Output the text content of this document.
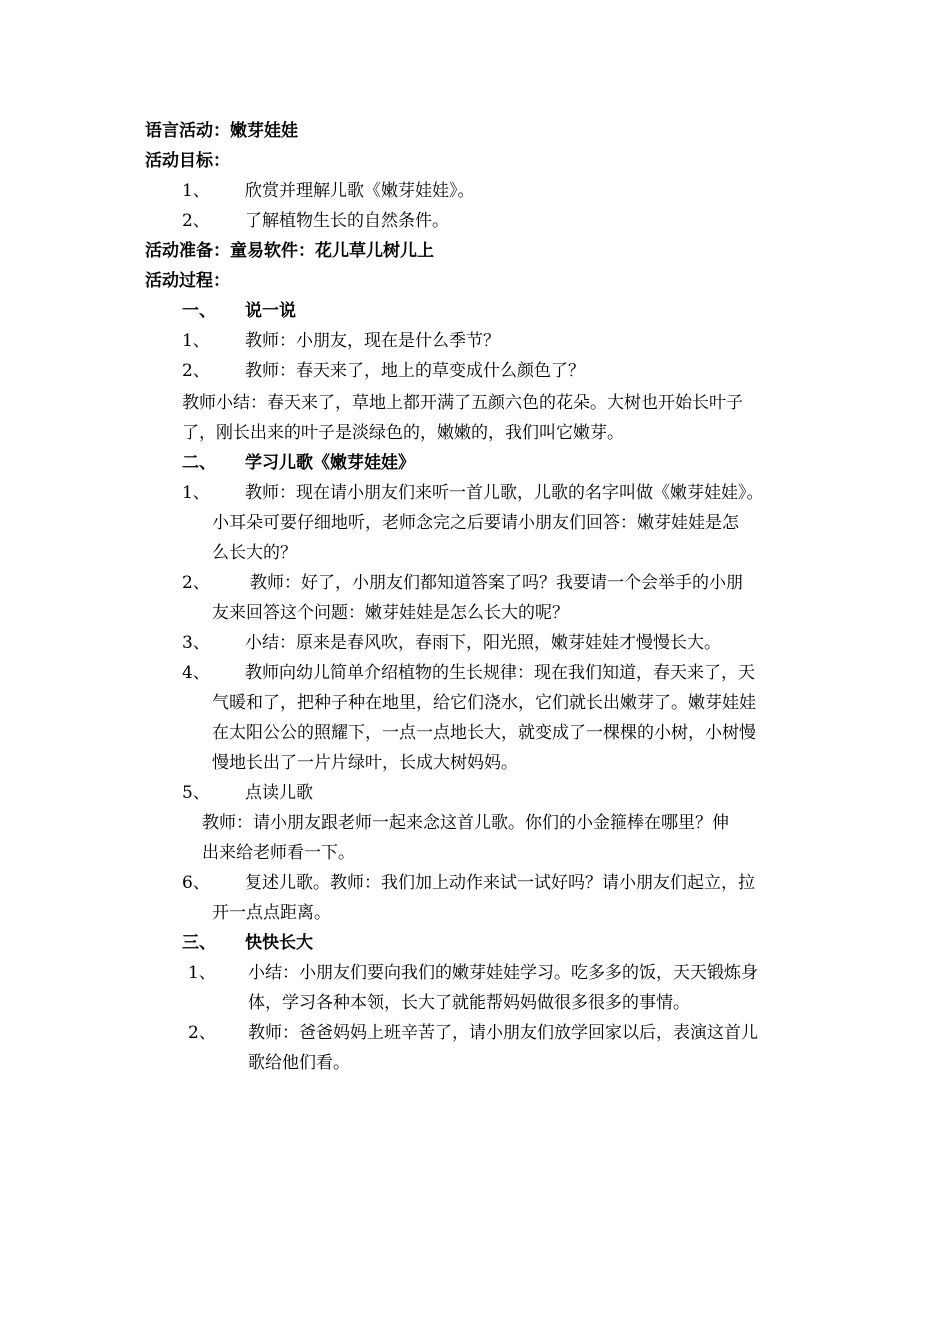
语言活动：嫩芽娃娃
活动目标：
1、 欣赏并理解儿歌《嫩芽娃娃》。
2、 了解植物生长的自然条件。
活动准备：童易软件：花儿草儿树儿上
活动过程：
一、 说一说
1、 教师：小朋友，现在是什么季节？
2、 教师：春天来了，地上的草变成什么颜色了？
教师小结：春天来了，草地上都开满了五颜六色的花朵。大树也开始长叶子
了，刚长出来的叶子是淡绿色的，嫩嫩的，我们叫它嫩芽。
二、 学习儿歌《嫩芽娃娃》
1、 教师：现在请小朋友们来听一首儿歌，儿歌的名字叫做《嫩芽娃娃》。
小耳朵可要仔细地听，老师念完之后要请小朋友们回答：嫩芽娃娃是怎
么长大的？
2、 教师：好了，小朋友们都知道答案了吗？我要请一个会举手的小朋
友来回答这个问题：嫩芽娃娃是怎么长大的呢？
3、 小结：原来是春风吹，春雨下，阳光照，嫩芽娃娃才慢慢长大。
4、 教师向幼儿简单介绍植物的生长规律：现在我们知道，春天来了，天
气暖和了，把种子种在地里，给它们浇水，它们就长出嫩芽了。嫩芽娃娃
在太阳公公的照耀下，一点一点地长大，就变成了一棵棵的小树，小树慢
慢地长出了一片片绿叶，长成大树妈妈。
5、 点读儿歌
教师：请小朋友跟老师一起来念这首儿歌。你们的小金箍棒在哪里？伸
出来给老师看一下。
6、 复述儿歌。教师：我们加上动作来试一试好吗？请小朋友们起立，拉
开一点点距离。
三、 快快长大
1、 小结：小朋友们要向我们的嫩芽娃娃学习。吃多多的饭，天天锻炼身
体，学习各种本领，长大了就能帮妈妈做很多很多的事情。
2、 教师：爸爸妈妈上班辛苦了，请小朋友们放学回家以后，表演这首儿
歌给他们看。
